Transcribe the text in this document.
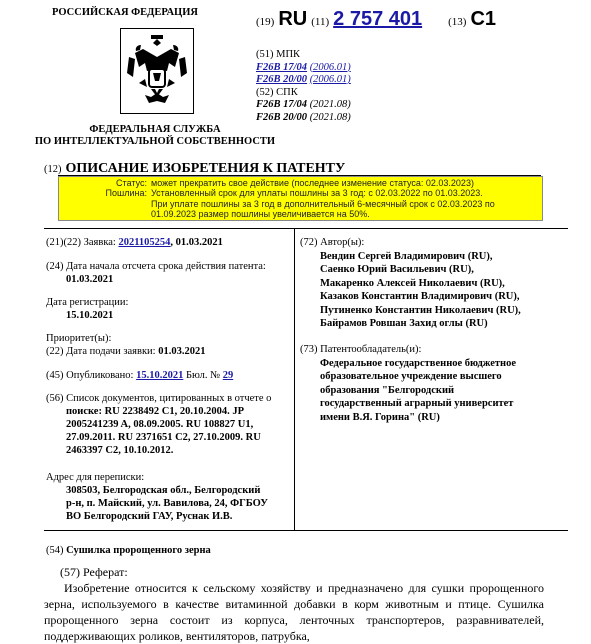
РОССИЙСКАЯ ФЕДЕРАЦИЯ
ФЕДЕРАЛЬНАЯ СЛУЖБА
ПО ИНТЕЛЛЕКТУАЛЬНОЙ СОБСТВЕННОСТИ
(19) RU (11) 2 757 401 (13) C1
(51) МПК
F26B 17/04 (2006.01)
F26B 20/00 (2006.01)
(52) СПК
F26B 17/04 (2021.08)
F26B 20/00 (2021.08)
(12) ОПИСАНИЕ ИЗОБРЕТЕНИЯ К ПАТЕНТУ
Статус: может прекратить свое действие (последнее изменение статуса: 02.03.2023)
Пошлина: Установленный срок для уплаты пошлины за 3 год: с 02.03.2022 по 01.03.2023.
При уплате пошлины за 3 год в дополнительный 6-месячный срок с 02.03.2023 по
01.09.2023 размер пошлины увеличивается на 50%.
(21)(22) Заявка: 2021105254, 01.03.2021
(24) Дата начала отсчета срока действия патента:
01.03.2021
Дата регистрации:
15.10.2021
Приоритет(ы):
(22) Дата подачи заявки: 01.03.2021
(45) Опубликовано: 15.10.2021 Бюл. № 29
(56) Список документов, цитированных в отчете о
поиске: RU 2238492 C1, 20.10.2004. JP
2005241239 A, 08.09.2005. RU 108827 U1,
27.09.2011. RU 2371651 C2, 27.10.2009. RU
2463397 C2, 10.10.2012.
Адрес для переписки:
308503, Белгородская обл., Белгородский
р-н, п. Майский, ул. Вавилова, 24, ФГБОУ
ВО Белгородский ГАУ, Руснак И.В.
(72) Автор(ы):
Вендин Сергей Владимирович (RU),
Саенко Юрий Васильевич (RU),
Макаренко Алексей Николаевич (RU),
Казаков Константин Владимирович (RU),
Путиненко Константин Николаевич (RU),
Байрамов Ровшан Захид оглы (RU)
(73) Патентообладатель(и):
Федеральное государственное бюджетное
образовательное учреждение высшего
образования "Белгородский
государственный аграрный университет
имени В.Я. Горина" (RU)
(54) Сушилка пророщенного зерна
(57) Реферат:
Изобретение относится к сельскому хозяйству и предназначено для сушки пророщенного зерна, используемого в качестве витаминной добавки в корм животным и птице. Сушилка пророщенного зерна состоит из корпуса, ленточных транспортеров, разравнивателей, поддерживающих роликов, вентиляторов, патрубка,
